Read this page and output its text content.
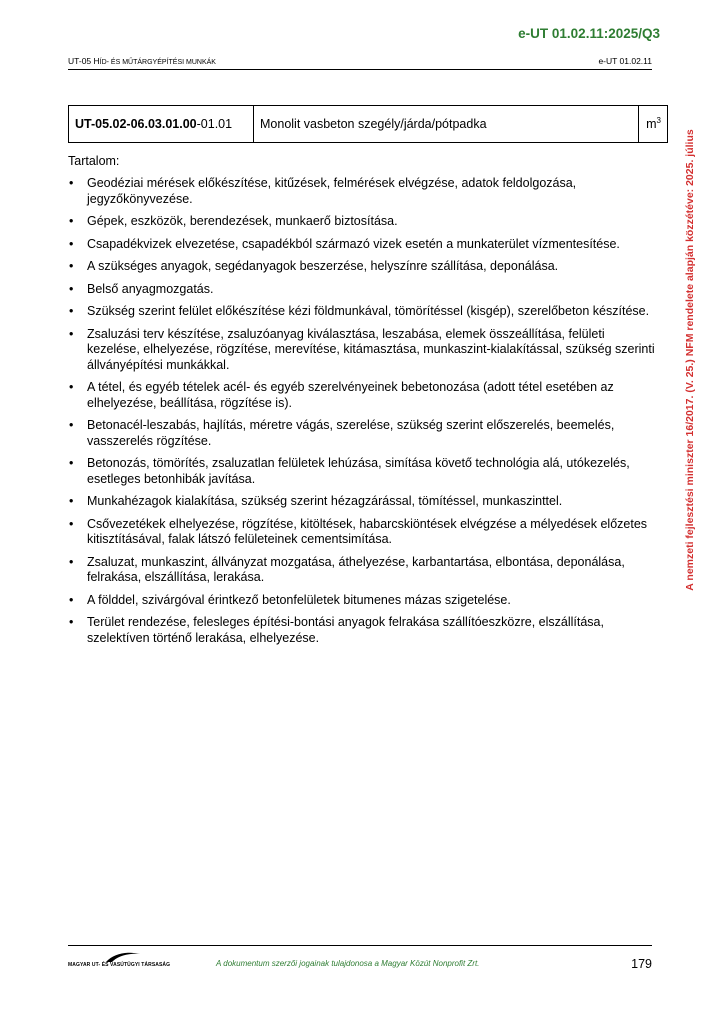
e-UT 01.02.11:2025/Q3
UT-05 HÍD- ÉS MŰTÁRGYÉPÍTÉSI MUNKÁK	e-UT 01.02.11
A nemzeti fejlesztési miniszter 16/2017. (V. 25.) NFM rendelete alapján közzétéve: 2025. július
UT-05.02-06.03.01.00-01.01	Monolit vasbeton szegély/járda/pótpadka	$m^3$
Tartalom:
• Geodéziai mérések előkészítése, kitűzések, felmérések elvégzése, adatok feldolgozása, jegyzőkönyvezése.
• Gépek, eszközök, berendezések, munkaerő biztosítása.
• Csapadékvizek elvezetése, csapadékból származó vizek esetén a munkaterület vízmentesítése.
• A szükséges anyagok, segédanyagok beszerzése, helyszínre szállítása, deponálása.
• Belső anyagmozgatás.
• Szükség szerint felület előkészítése kézi földmunkával, tömörítéssel (kisgép), szerelőbeton készítése.
• Zsaluzási terv készítése, zsaluzóanyag kiválasztása, leszabása, elemek összeállítása, felületi kezelése, elhelyezése, rögzítése, merevítése, kitámasztása, munkaszint-kialakítással, szükség szerinti állványépítési munkákkal.
• A tétel, és egyéb tételek acél- és egyéb szerelvényeinek bebetonozása (adott tétel esetében az elhelyezése, beállítása, rögzítése is).
• Betonacél-leszabás, hajlítás, méretre vágás, szerelése, szükség szerint előszerelés, beemelés, vasszerelés rögzítése.
• Betonozás, tömörítés, zsaluzatlan felületek lehúzása, simítása követő technológia alá, utókezelés, esetleges betonhibák javítása.
• Munkahézagok kialakítása, szükség szerint hézagzárással, tömítéssel, munkaszinttel.
• Csővezetékek elhelyezése, rögzítése, kitöltések, habarcskiöntések elvégzése a mélyedések előzetes kitisztításával, falak látszó felületeinek cementsimítása.
• Zsaluzat, munkaszint, állványzat mozgatása, áthelyezése, karbantartása, elbontása, deponálása, felrakása, elszállítása, lerakása.
• A földdel, szivárgóval érintkező betonfelületek bitumenes mázas szigetelése.
• Terület rendezése, felesleges építési-bontási anyagok felrakása szállítóeszközre, elszállítása, szelektíven történő lerakása, elhelyezése.
MAGYAR UT- ÉS VASÚTÜGYI TÁRSASÁG	A dokumentum szerzői jogainak tulajdonosa a Magyar Közút Nonprofit Zrt.	179
